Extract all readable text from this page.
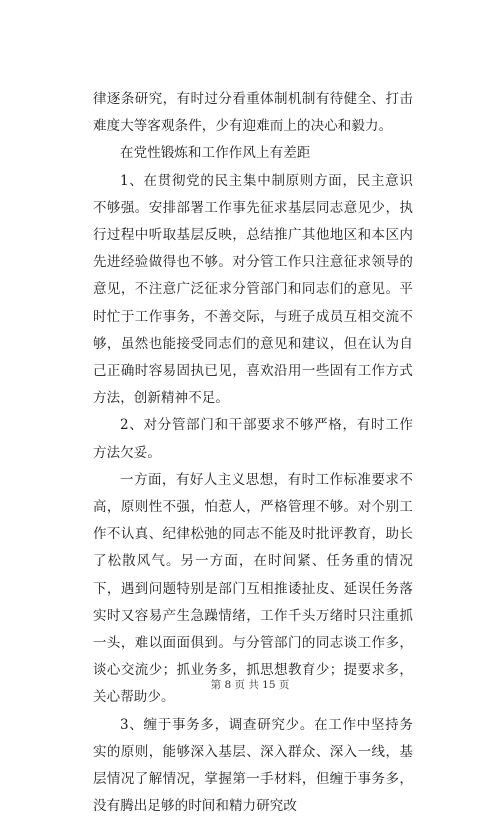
律逐条研究，有时过分看重体制机制有待健全、打击难度大等客观条件，少有迎难而上的决心和毅力。

在党性锻炼和工作作风上有差距

1、在贯彻党的民主集中制原则方面，民主意识不够强。安排部署工作事先征求基层同志意见少，执行过程中听取基层反映，总结推广其他地区和本区内先进经验做得也不够。对分管工作只注意征求领导的意见，不注意广泛征求分管部门和同志们的意见。平时忙于工作事务，不善交际，与班子成员互相交流不够，虽然也能接受同志们的意见和建议，但在认为自己正确时容易固执已见，喜欢沿用一些固有工作方式方法，创新精神不足。

2、对分管部门和干部要求不够严格，有时工作方法欠妥。

一方面，有好人主义思想，有时工作标准要求不高，原则性不强，怕惹人，严格管理不够。对个别工作不认真、纪律松弛的同志不能及时批评教育，助长了松散风气。另一方面，在时间紧、任务重的情况下，遇到问题特别是部门互相推诿扯皮、延误任务落实时又容易产生急躁情绪，工作千头万绪时只注重抓一头，难以面面俱到。与分管部门的同志谈工作多，谈心交流少；抓业务多，抓思想教育少；提要求多，关心帮助少。

3、缠于事务多，调查研究少。在工作中坚持务实的原则，能够深入基层、深入群众、深入一线，基层情况了解情况，掌握第一手材料，但缠于事务多，没有腾出足够的时间和精力研究改

第 8 页 共 15 页
